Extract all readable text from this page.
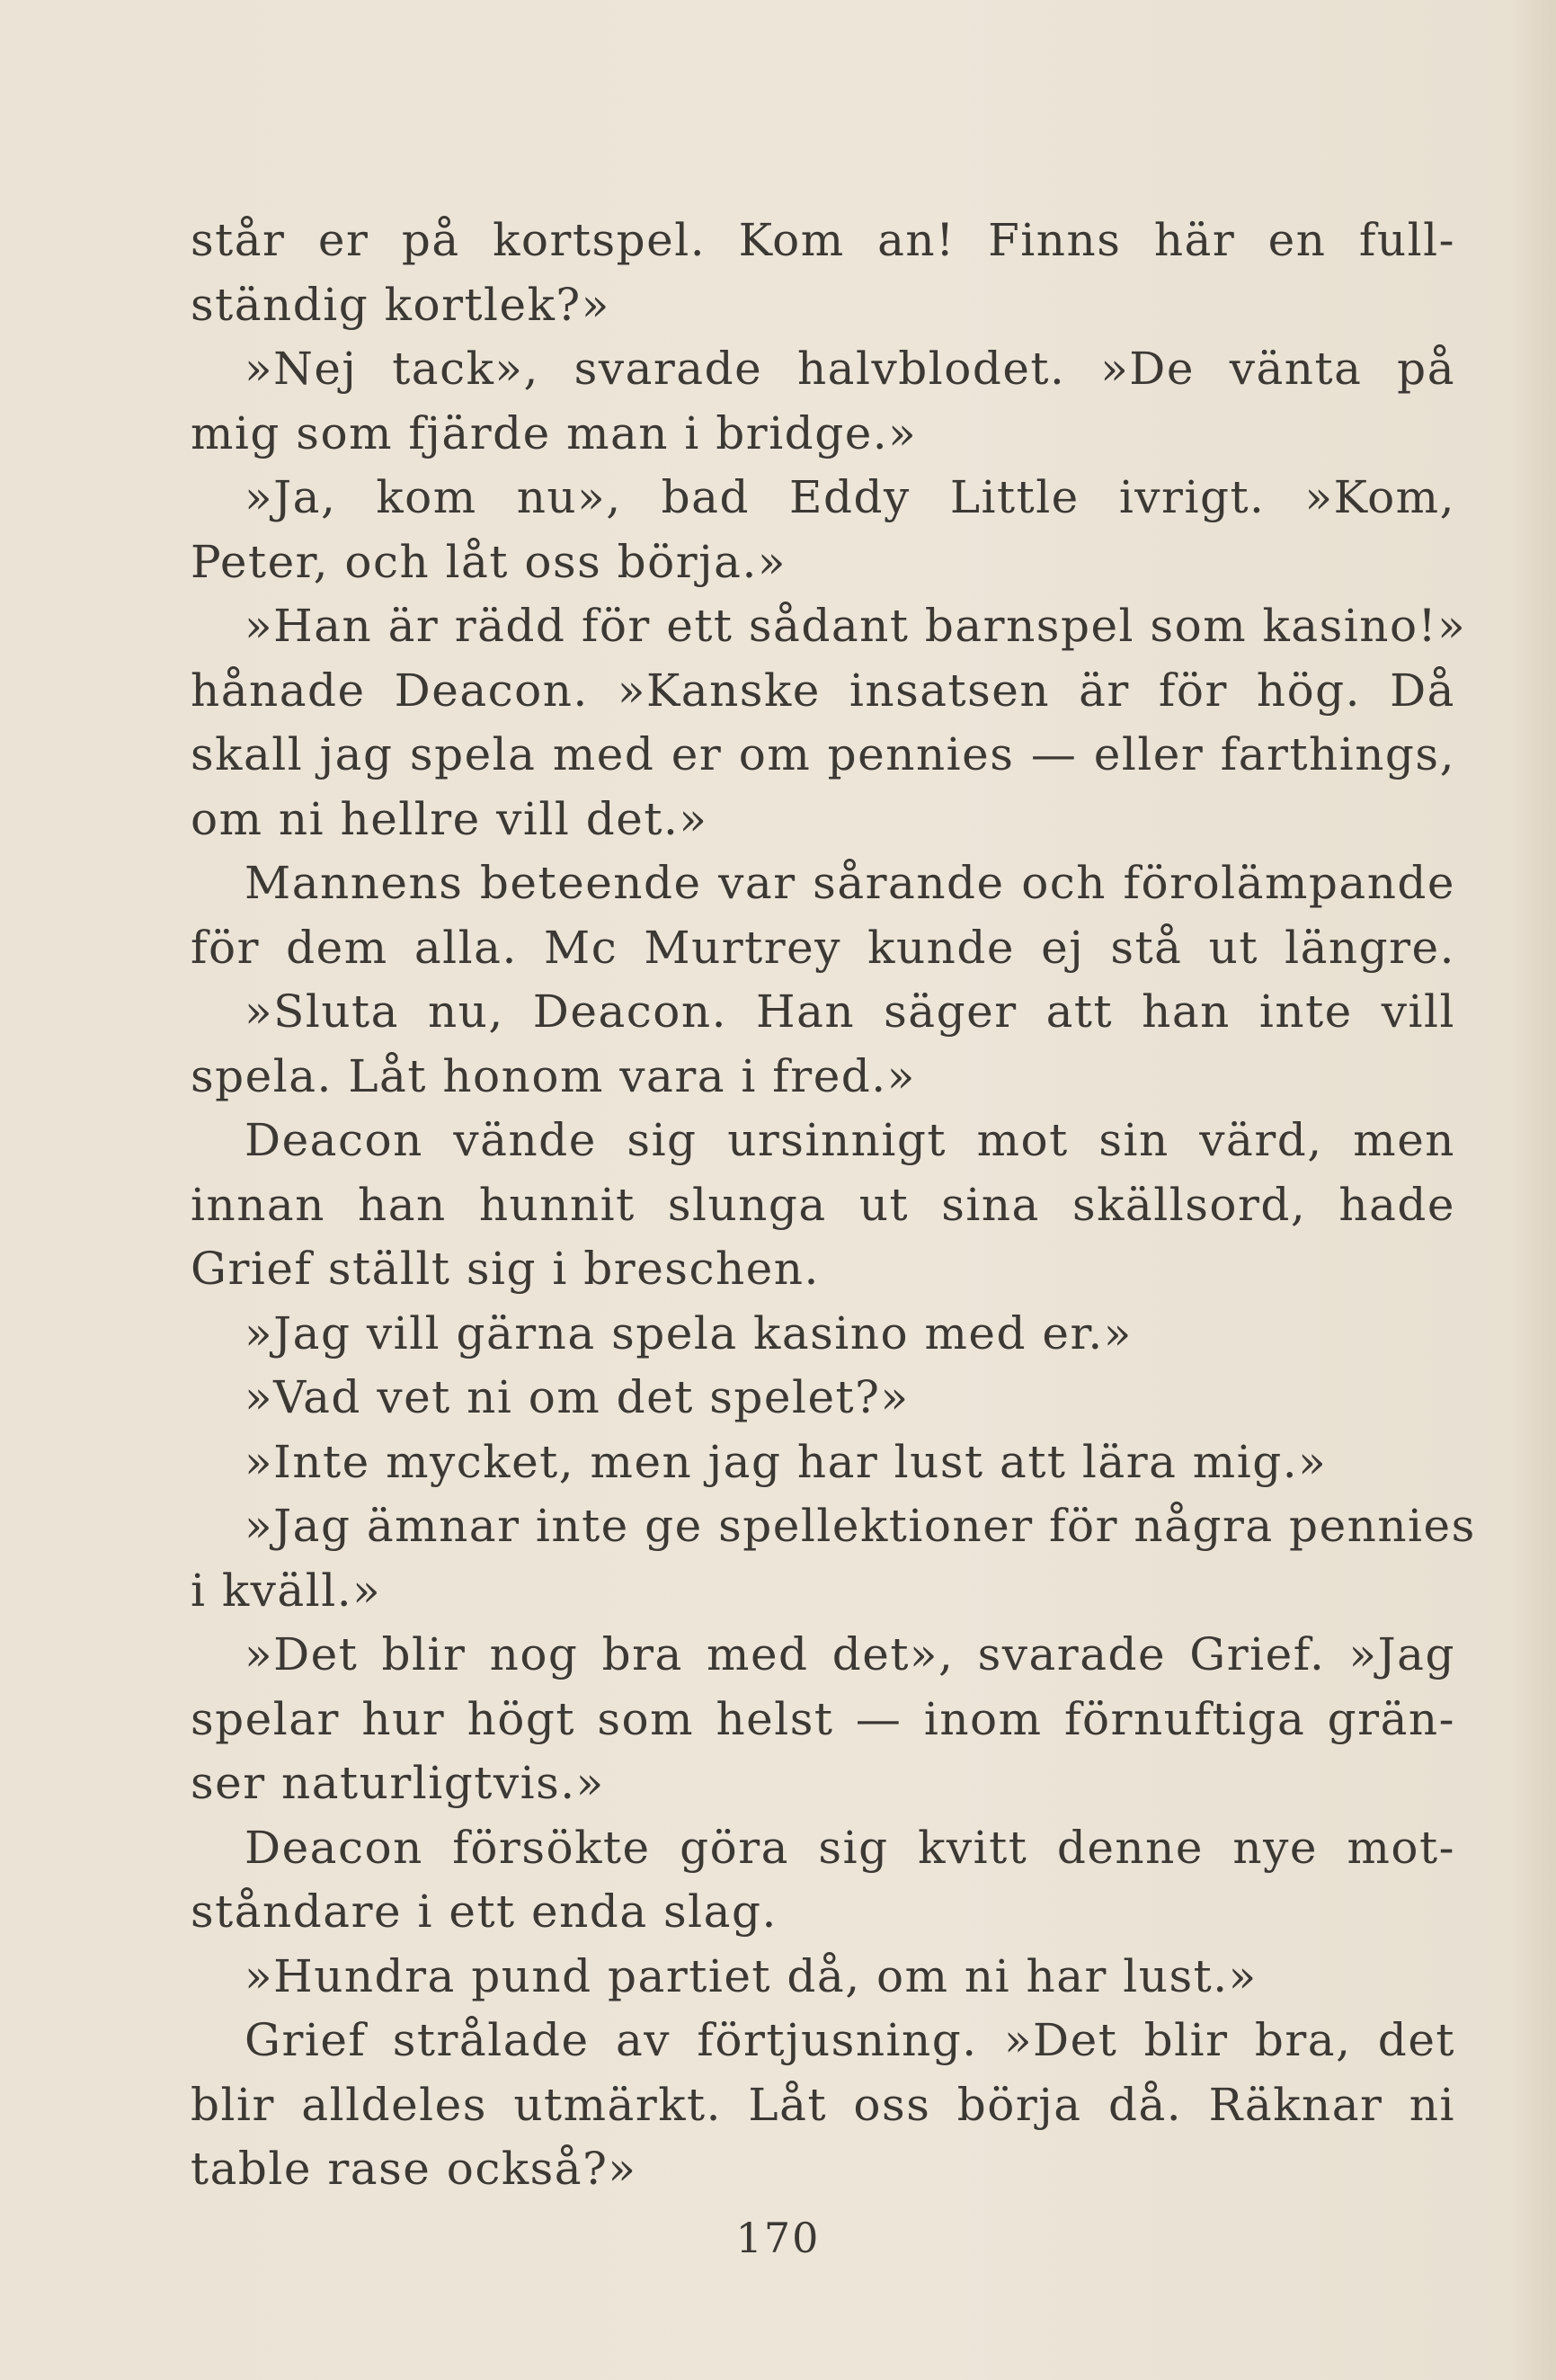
står er på kortspel. Kom an! Finns här en full-
ständig kortlek?»
»Nej tack», svarade halvblodet. »De vänta på
mig som fjärde man i bridge.»
»Ja, kom nu», bad Eddy Little ivrigt. »Kom,
Peter, och låt oss börja.»
»Han är rädd för ett sådant barnspel som kasino!»
hånade Deacon. »Kanske insatsen är för hög. Då
skall jag spela med er om pennies — eller farthings,
om ni hellre vill det.»
Mannens beteende var sårande och förolämpande
för dem alla. Mc Murtrey kunde ej stå ut längre.
»Sluta nu, Deacon. Han säger att han inte vill
spela. Låt honom vara i fred.»
Deacon vände sig ursinnigt mot sin värd, men
innan han hunnit slunga ut sina skällsord, hade
Grief ställt sig i breschen.
»Jag vill gärna spela kasino med er.»
»Vad vet ni om det spelet?»
»Inte mycket, men jag har lust att lära mig.»
»Jag ämnar inte ge spellektioner för några pennies
i kväll.»
»Det blir nog bra med det», svarade Grief. »Jag
spelar hur högt som helst — inom förnuftiga grän-
ser naturligtvis.»
Deacon försökte göra sig kvitt denne nye mot-
ståndare i ett enda slag.
»Hundra pund partiet då, om ni har lust.»
Grief strålade av förtjusning. »Det blir bra, det
blir alldeles utmärkt. Låt oss börja då. Räknar ni
table rase också?»
170
